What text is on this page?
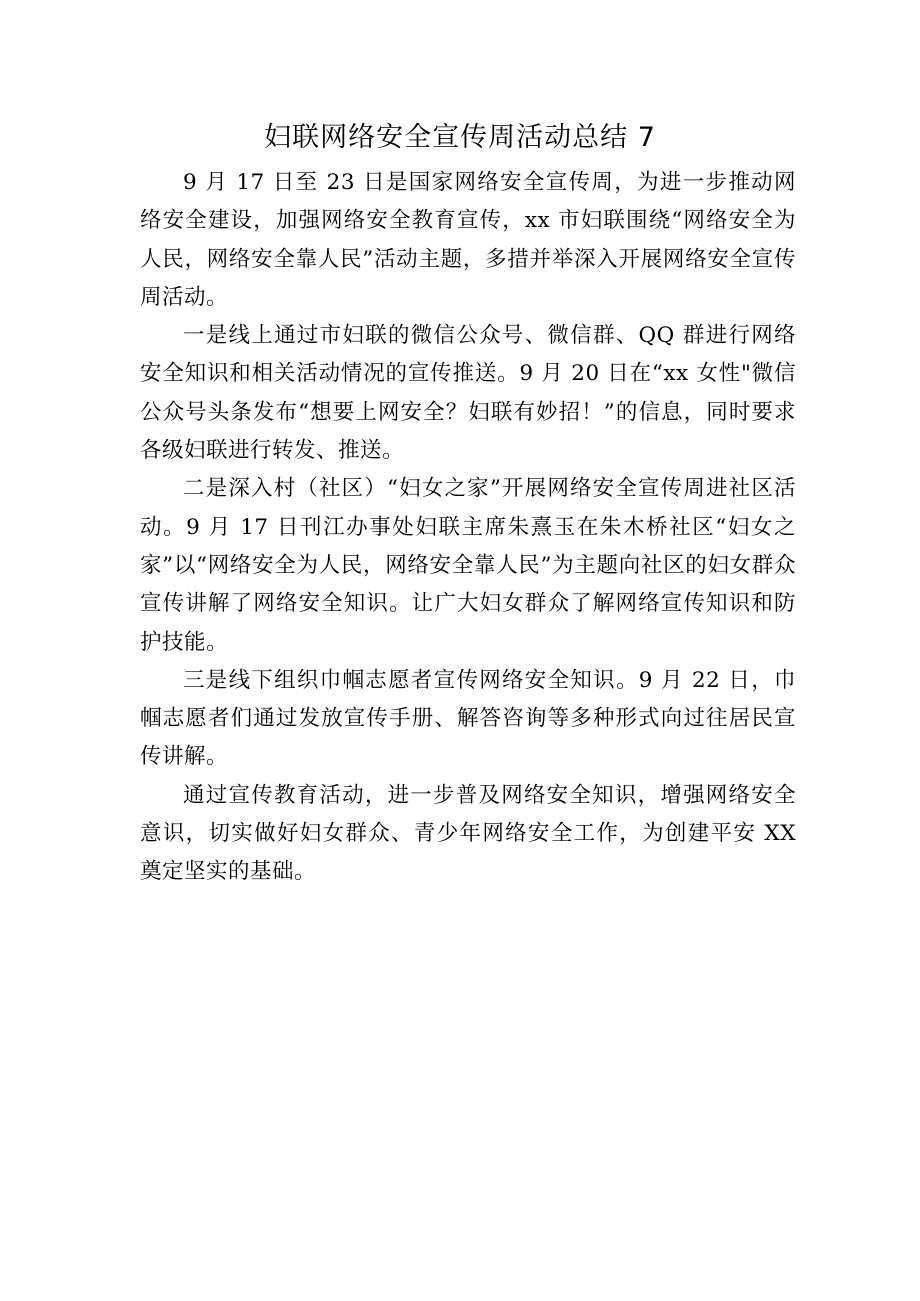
妇联网络安全宣传周活动总结 7

9 月 17 日至 23 日是国家网络安全宣传周，为进一步推动网络安全建设，加强网络安全教育宣传，xx 市妇联围绕“网络安全为人民，网络安全靠人民”活动主题，多措并举深入开展网络安全宣传周活动。

一是线上通过市妇联的微信公众号、微信群、QQ 群进行网络安全知识和相关活动情况的宣传推送。9 月 20 日在“xx 女性"微信公众号头条发布“想要上网安全？妇联有妙招！”的信息，同时要求各级妇联进行转发、推送。

二是深入村（社区）“妇女之家”开展网络安全宣传周进社区活动。9 月 17 日刊江办事处妇联主席朱熹玉在朱木桥社区“妇女之家”以“网络安全为人民，网络安全靠人民”为主题向社区的妇女群众宣传讲解了网络安全知识。让广大妇女群众了解网络宣传知识和防护技能。

三是线下组织巾帼志愿者宣传网络安全知识。9 月 22 日，巾帼志愿者们通过发放宣传手册、解答咨询等多种形式向过往居民宣传讲解。

通过宣传教育活动，进一步普及网络安全知识，增强网络安全意识，切实做好妇女群众、青少年网络安全工作，为创建平安 XX 奠定坚实的基础。
